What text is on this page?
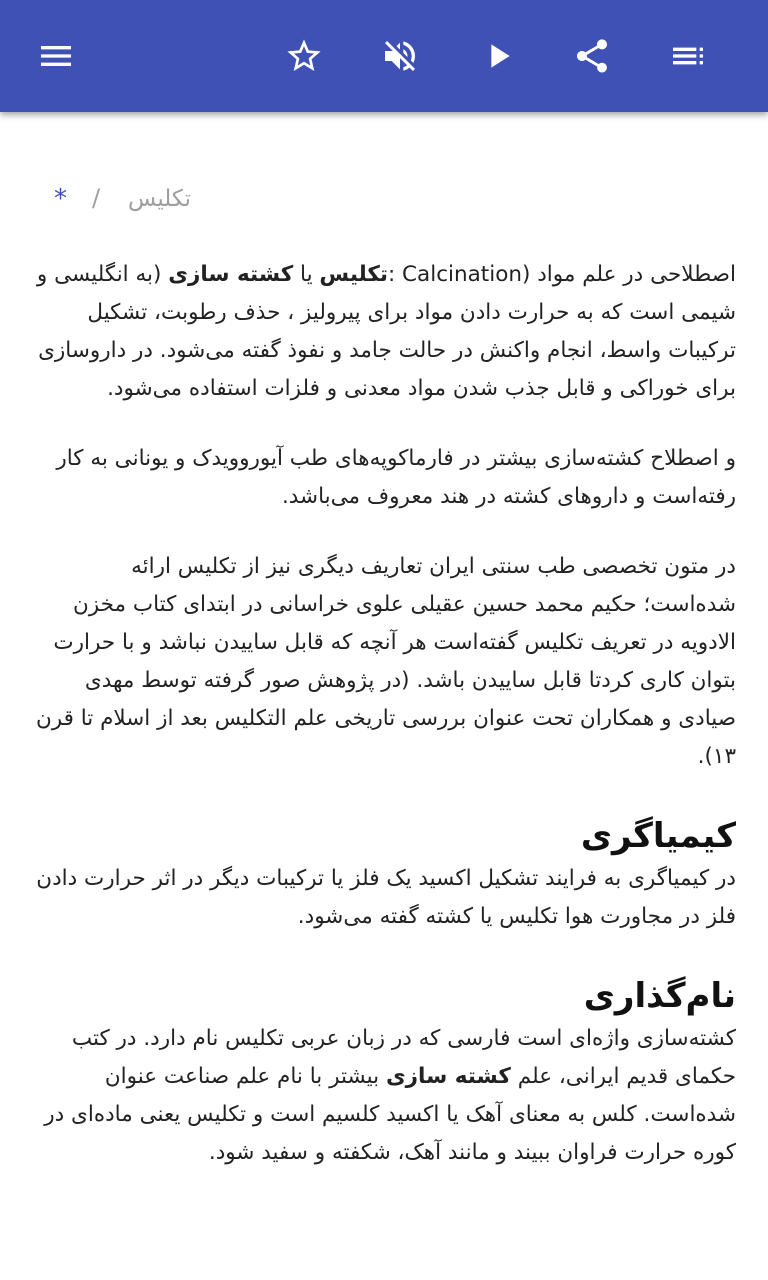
* / تکلیس

اصطلاحی در علم مواد (Calcination :تکلیس یا کشته سازی (به انگلیسی و شیمی است که به حرارت دادن مواد برای پیرولیز ، حذف رطوبت، تشکیل ترکیبات واسط، انجام واکنش در حالت جامد و نفوذ گفته می‌شود. در داروسازی برای خوراکی و قابل جذب شدن مواد معدنی و فلزات استفاده می‌شود.

و اصطلاح کشته‌سازی بیشتر در فارماکوپه‌های طب آیوروویدک و یونانی به کار رفته‌است و داروهای کشته در هند معروف می‌باشد.

در متون تخصصی طب سنتی ایران تعاریف دیگری نیز از تکلیس ارائه شده‌است؛ حکیم محمد حسین عقیلی علوی خراسانی در ابتدای کتاب مخزن الادویه در تعریف تکلیس گفته‌است هر آنچه که قابل ساییدن نباشد و با حرارت بتوان کاری کردتا قابل ساییدن باشد. (در پژوهش صور گرفته توسط مهدی صیادی و همکاران تحت عنوان بررسی تاریخی علم التکلیس بعد از اسلام تا قرن ۱۳).

کیمیاگری

در کیمیاگری به فرایند تشکیل اکسید یک فلز یا ترکیبات دیگر در اثر حرارت دادن فلز در مجاورت هوا تکلیس یا کشته گفته می‌شود.

نام‌گذاری

کشته‌سازی واژه‌ای است فارسی که در زبان عربی تکلیس نام دارد. در کتب حکمای قدیم ایرانی، علم کشته سازی بیشتر با نام علم صناعت عنوان شده‌است. کلس به معنای آهک یا اکسید کلسیم است و تکلیس یعنی ماده‌ای در کوره حرارت فراوان ببیند و مانند آهک، شکفته و سفید شود.
